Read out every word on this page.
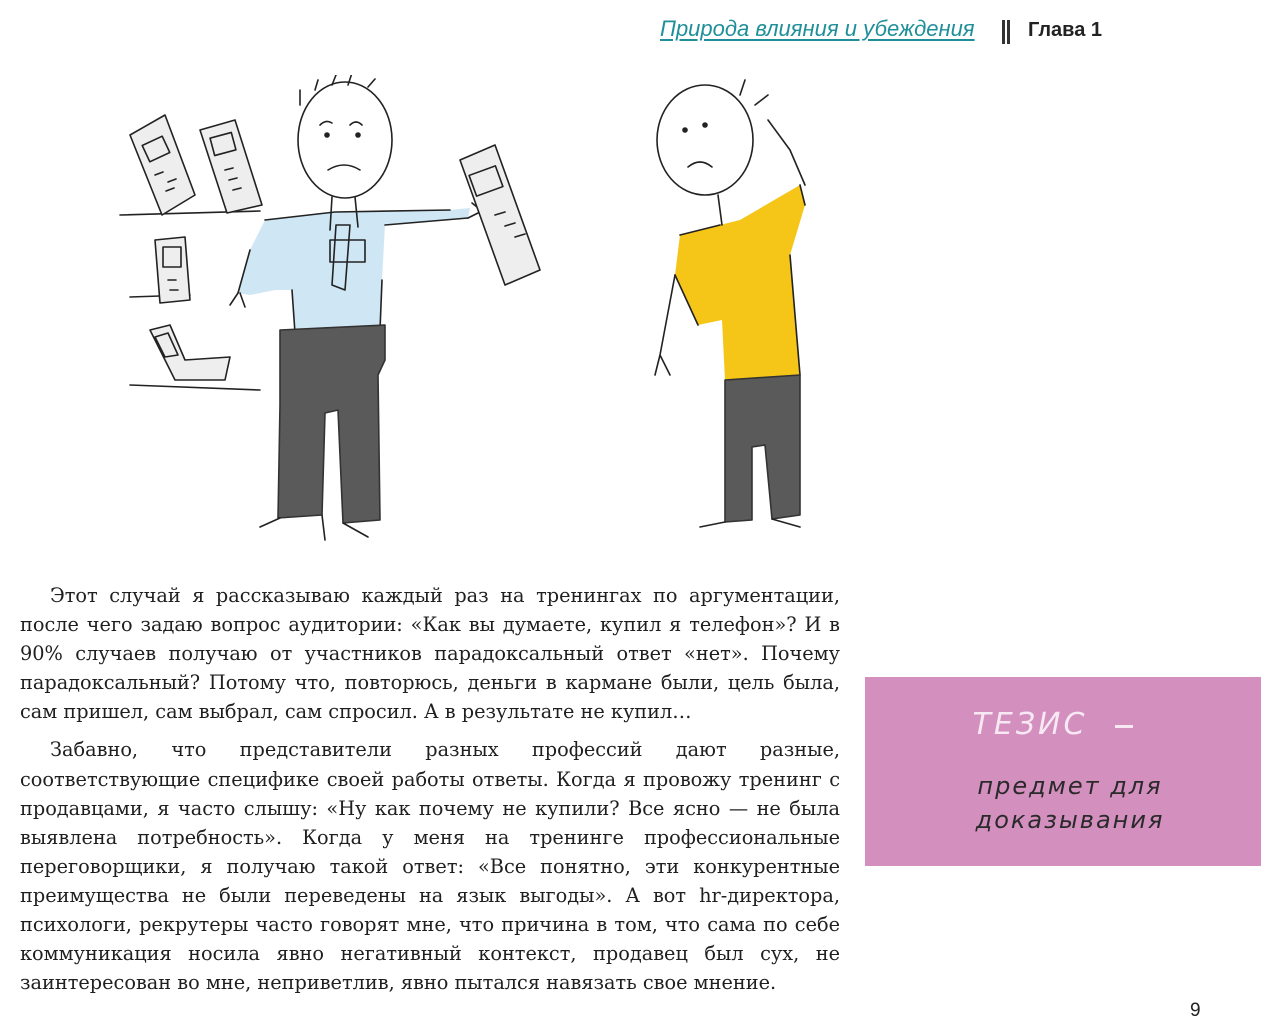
Природа влияния и убеждения	Глава 1
ТЕЗИС
предмет для доказывания

Этот случай я рассказываю каждый раз на тренингах по аргументации, после чего задаю вопрос аудитории: «Как вы думаете, купил я телефон»? И в 90% случаев получаю от участников парадоксальный ответ «нет». Почему парадоксальный? Потому что, повторюсь, деньги в кармане были, цель была, сам пришел, сам выбрал, сам спросил. А в результате не купил…

Забавно, что представители разных профессий дают разные, соответствующие специфике своей работы ответы. Когда я провожу тренинг с продавцами, я часто слышу: «Ну как почему не купили? Все ясно — не была выявлена потребность». Когда у меня на тренинге профессиональные переговорщики, я получаю такой ответ: «Все понятно, эти конкурентные преимущества не были переведены на язык выгоды». А вот hr-директора, психологи, рекрутеры часто говорят мне, что причина в том, что сама по себе коммуникация носила явно негативный контекст, продавец был сух, не заинтересован во мне, неприветлив, явно пытался навязать свое мнение.

9
